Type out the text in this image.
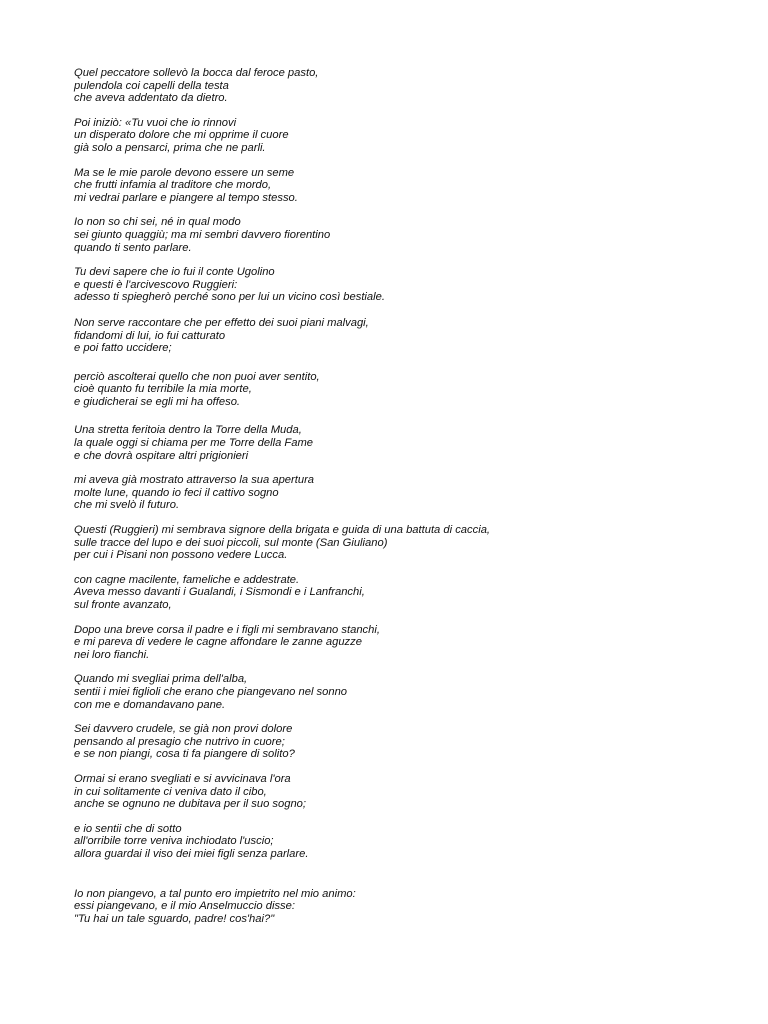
Quel peccatore sollevò la bocca dal feroce pasto,
pulendola coi capelli della testa
che aveva addentato da dietro.
Poi iniziò: «Tu vuoi che io rinnovi
un disperato dolore che mi opprime il cuore
già solo a pensarci, prima che ne parli.
Ma se le mie parole devono essere un seme
che frutti infamia al traditore che mordo,
mi vedrai parlare e piangere al tempo stesso.
Io non so chi sei, né in qual modo
sei giunto quaggiù; ma mi sembri davvero fiorentino
quando ti sento parlare.
Tu devi sapere che io fui il conte Ugolino
e questi è l'arcivescovo Ruggieri:
adesso ti spiegherò perché sono per lui un vicino così bestiale.
Non serve raccontare che per effetto dei suoi piani malvagi,
fidandomi di lui, io fui catturato
e poi fatto uccidere;
perciò ascolterai quello che non puoi aver sentito,
cioè quanto fu terribile la mia morte,
e giudicherai se egli mi ha offeso.
Una stretta feritoia dentro la Torre della Muda,
la quale oggi si chiama per me Torre della Fame
e che dovrà ospitare altri prigionieri
mi aveva già mostrato attraverso la sua apertura
molte lune, quando io feci il cattivo sogno
che mi svelò il futuro.
Questi (Ruggieri) mi sembrava signore della brigata e guida di una battuta di caccia,
sulle tracce del lupo e dei suoi piccoli, sul monte (San Giuliano)
per cui i Pisani non possono vedere Lucca.
con cagne macilente, fameliche e addestrate.
Aveva messo davanti i Gualandi, i Sismondi e i Lanfranchi,
sul fronte avanzato,
Dopo una breve corsa il padre e i figli mi sembravano stanchi,
e mi pareva di vedere le cagne affondare le zanne aguzze
nei loro fianchi.
Quando mi svegliai prima dell'alba,
sentii i miei figlioli che erano che piangevano nel sonno
con me e domandavano pane.
Sei davvero crudele, se già non provi dolore
pensando al presagio che nutrivo in cuore;
e se non piangi, cosa ti fa piangere di solito?
Ormai si erano svegliati e si avvicinava l'ora
in cui solitamente ci veniva dato il cibo,
anche se ognuno ne dubitava per il suo sogno;
e io sentii che di sotto
all'orribile torre veniva inchiodato l'uscio;
allora guardai il viso dei miei figli senza parlare.
Io non piangevo, a tal punto ero impietrito nel mio animo:
essi piangevano, e il mio Anselmuccio disse:
"Tu hai un tale sguardo, padre! cos'hai?"
